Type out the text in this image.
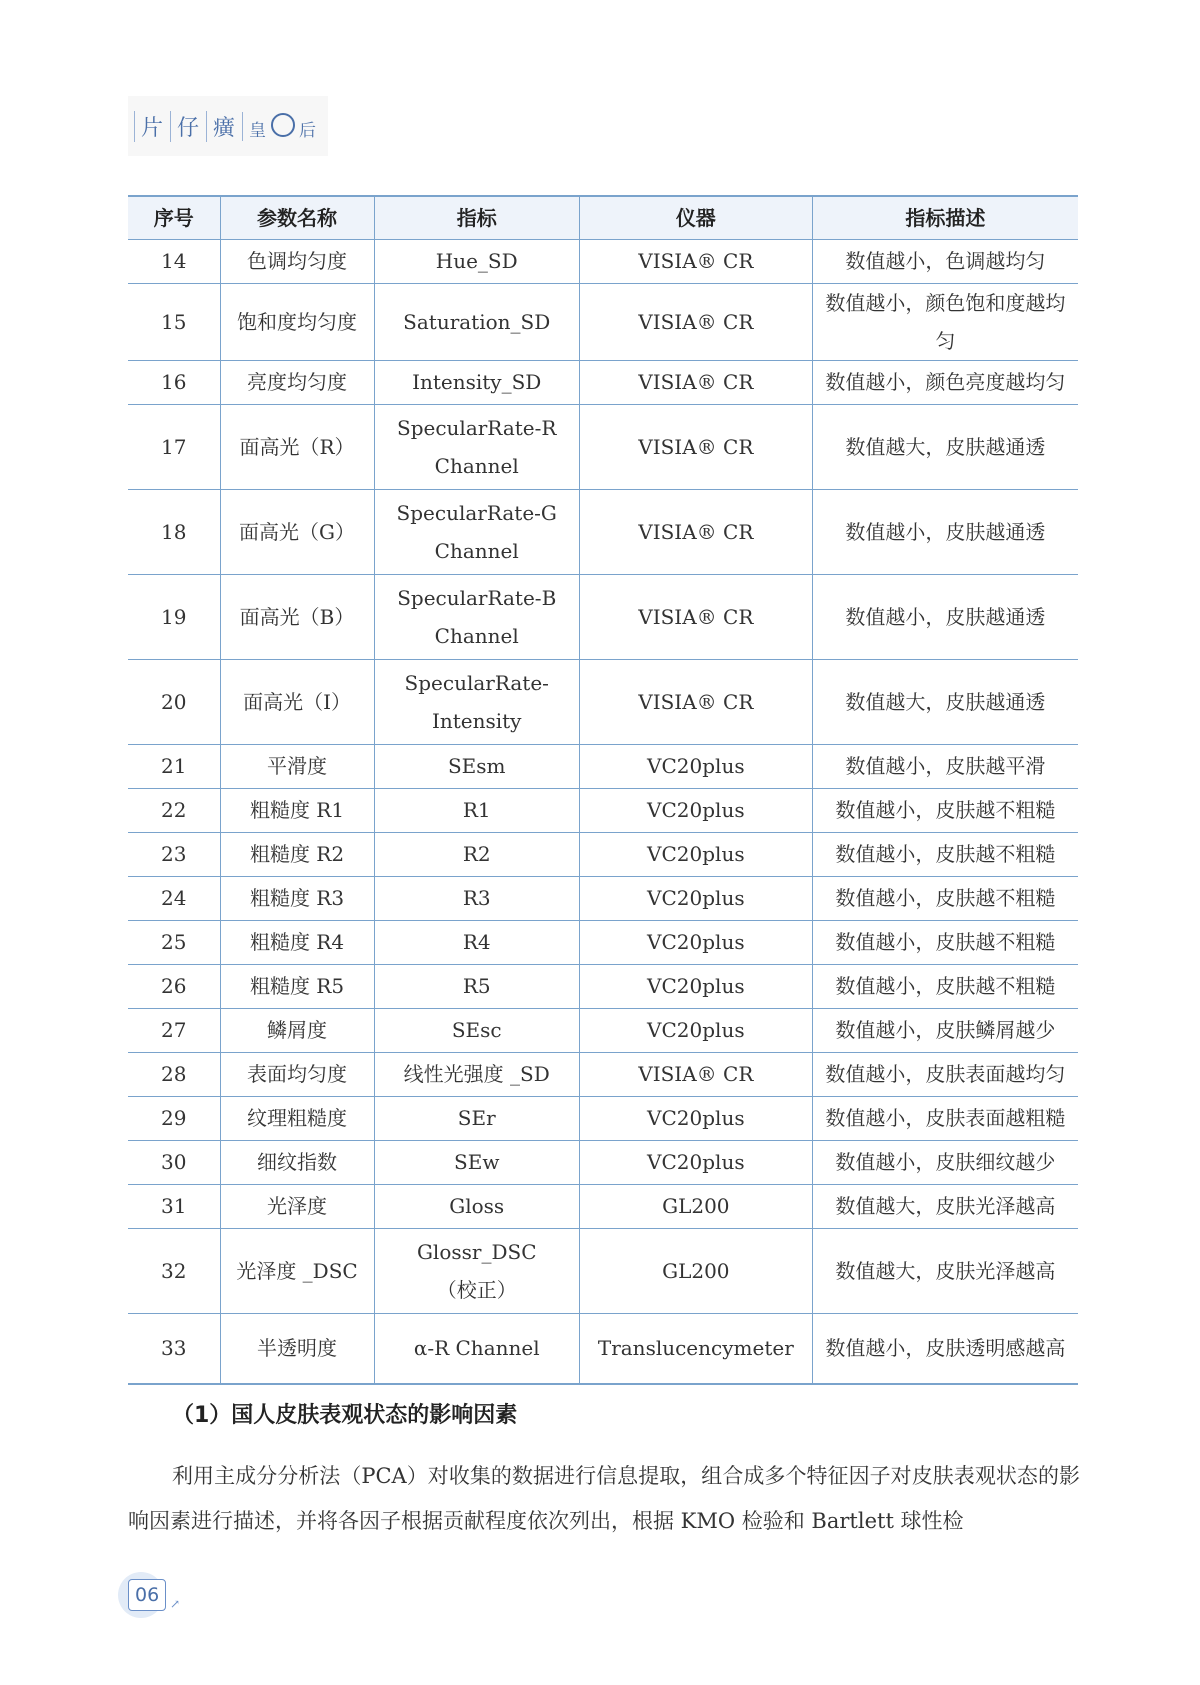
片 仔 癀 皇 后
序号	参数名称	指标	仪器	指标描述
14	色调均匀度	Hue_SD	VISIA® CR	数值越小，色调越均匀
15	饱和度均匀度	Saturation_SD	VISIA® CR	数值越小，颜色饱和度越均匀
16	亮度均匀度	Intensity_SD	VISIA® CR	数值越小，颜色亮度越均匀
17	面高光（R）	SpecularRate-R
Channel	VISIA® CR	数值越大，皮肤越通透
18	面高光（G）	SpecularRate-G
Channel	VISIA® CR	数值越小，皮肤越通透
19	面高光（B）	SpecularRate-B
Channel	VISIA® CR	数值越小，皮肤越通透
20	面高光（I）	SpecularRate-
Intensity	VISIA® CR	数值越大，皮肤越通透
21	平滑度	SEsm	VC20plus	数值越小，皮肤越平滑
22	粗糙度 R1	R1	VC20plus	数值越小，皮肤越不粗糙
23	粗糙度 R2	R2	VC20plus	数值越小，皮肤越不粗糙
24	粗糙度 R3	R3	VC20plus	数值越小，皮肤越不粗糙
25	粗糙度 R4	R4	VC20plus	数值越小，皮肤越不粗糙
26	粗糙度 R5	R5	VC20plus	数值越小，皮肤越不粗糙
27	鳞屑度	SEsc	VC20plus	数值越小，皮肤鳞屑越少
28	表面均匀度	线性光强度 _SD	VISIA® CR	数值越小，皮肤表面越均匀
29	纹理粗糙度	SEr	VC20plus	数值越小，皮肤表面越粗糙
30	细纹指数	SEw	VC20plus	数值越小，皮肤细纹越少
31	光泽度	Gloss	GL200	数值越大，皮肤光泽越高
32	光泽度 _DSC	Glossr_DSC
（校正）	GL200	数值越大，皮肤光泽越高
33	半透明度	α-R Channel	Translucencymeter	数值越小，皮肤透明感越高
（1）国人皮肤表观状态的影响因素

利用主成分分析法（PCA）对收集的数据进行信息提取，组合成多个特征因子对皮肤表观状态的影响因素进行描述，并将各因子根据贡献程度依次列出，根据 KMO 检验和 Bartlett 球性检

06 ↗
